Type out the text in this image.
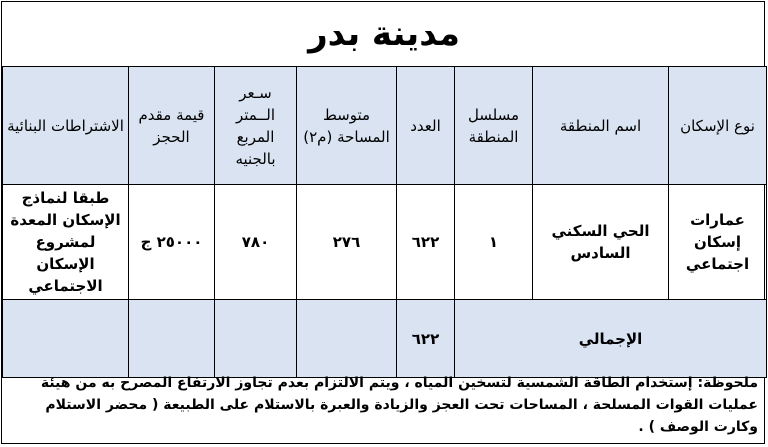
مدينة بدر
نوع الإسكان	اسم المنطقة	مسلسل المنطقة	العدد	متوسط المساحة (م٢)	سـعر الــمتر المربع بالجنيه	قيمة مقدم الحجز	الاشتراطات البنائية
عمارات إسكان اجتماعي	الحي السكني السادس	١	٦٢٢	٢٧٦	٧٨٠	٢٥٠٠٠ ج	طبقا لنماذج الإسكان المعدة لمشروع الإسكان الاجتماعي
الإجمالي			٦٢٢				
ملحوظة: إستخدام الطاقة الشمسية لتسخين المياه ، ويتم الالتزام بعدم تجاوز الارتفاع المصرح به من هيئة عمليات القوات المسلحة ، المساحات تحت العجز والزيادة والعبرة بالاستلام على الطبيعة ( محضر الاستلام وكارت الوصف ) .
